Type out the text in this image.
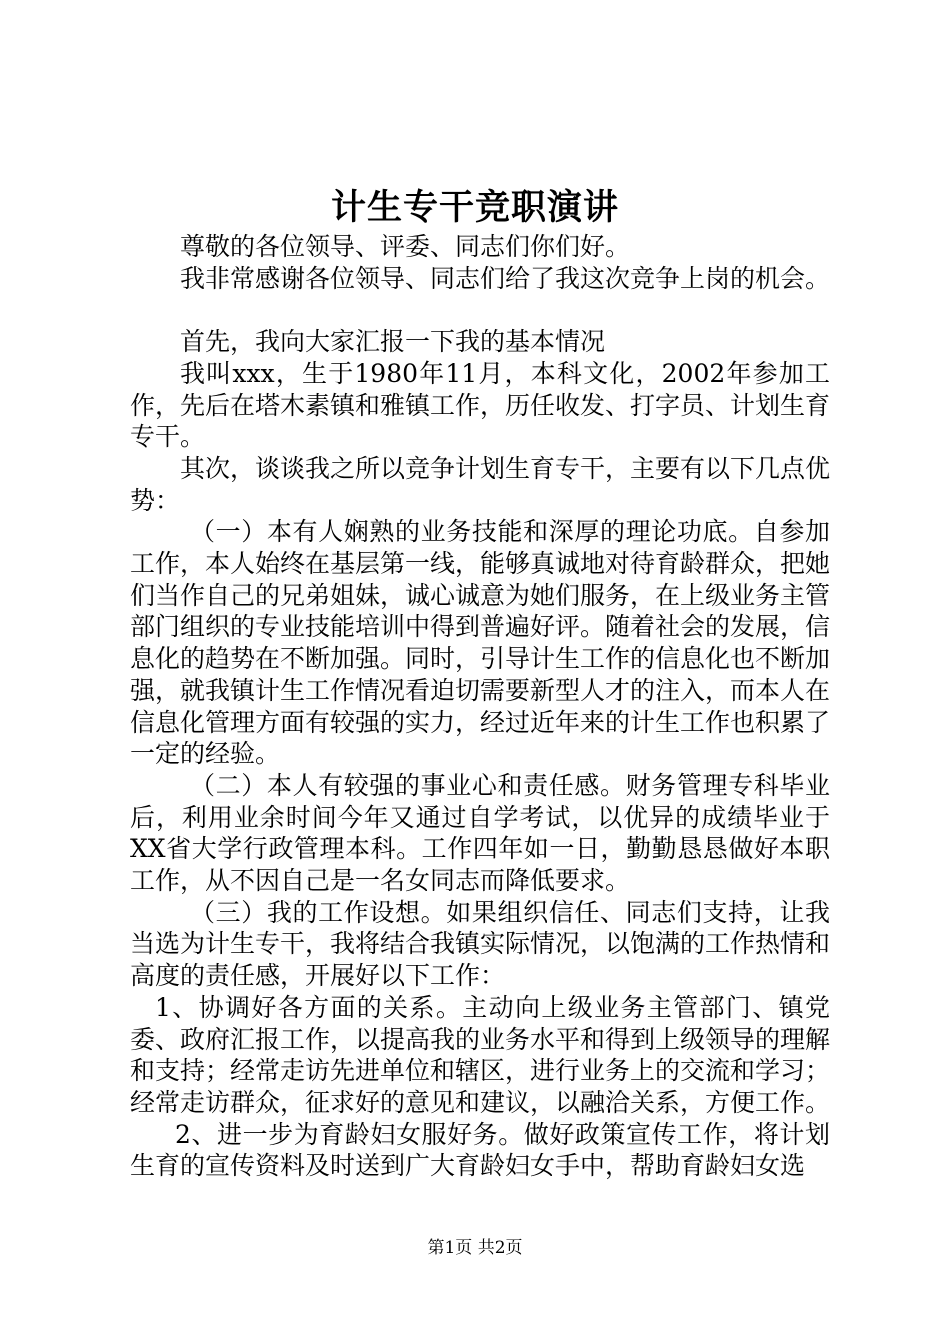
计生专干竞职演讲

尊敬的各位领导、评委、同志们你们好。

我非常感谢各位领导、同志们给了我这次竞争上岗的机会。

首先，我向大家汇报一下我的基本情况

我叫xxx，生于1980年11月，本科文化，2002年参加工作，先后在塔木素镇和雅镇工作，历任收发、打字员、计划生育专干。

其次，谈谈我之所以竞争计划生育专干，主要有以下几点优势：

（一）本有人娴熟的业务技能和深厚的理论功底。自参加工作，本人始终在基层第一线，能够真诚地对待育龄群众，把她们当作自己的兄弟姐妹，诚心诚意为她们服务，在上级业务主管部门组织的专业技能培训中得到普遍好评。随着社会的发展，信息化的趋势在不断加强。同时，引导计生工作的信息化也不断加强，就我镇计生工作情况看迫切需要新型人才的注入，而本人在信息化管理方面有较强的实力，经过近年来的计生工作也积累了一定的经验。

（二）本人有较强的事业心和责任感。财务管理专科毕业后，利用业余时间今年又通过自学考试，以优异的成绩毕业于XX省大学行政管理本科。工作四年如一日，勤勤恳恳做好本职工作，从不因自己是一名女同志而降低要求。

（三）我的工作设想。如果组织信任、同志们支持，让我当选为计生专干，我将结合我镇实际情况，以饱满的工作热情和高度的责任感，开展好以下工作：

1、协调好各方面的关系。主动向上级业务主管部门、镇党委、政府汇报工作，以提高我的业务水平和得到上级领导的理解和支持；经常走访先进单位和辖区，进行业务上的交流和学习；经常走访群众，征求好的意见和建议，以融洽关系，方便工作。

2、进一步为育龄妇女服好务。做好政策宣传工作，将计划生育的宣传资料及时送到广大育龄妇女手中，帮助育龄妇女选

第1页 共2页
